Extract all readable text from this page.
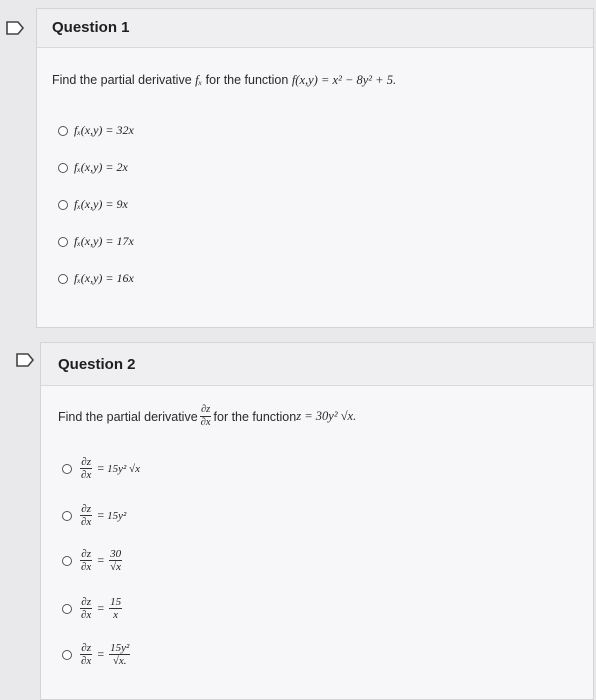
Question 1
Find the partial derivative fₓ for the function f(x,y) = x² − 8y² + 5.
fₓ(x,y) = 32x
fₓ(x,y) = 2x
fₓ(x,y) = 9x
fₓ(x,y) = 17x
fₓ(x,y) = 16x
Question 2
Find the partial derivative $\frac{\partial z}{\partial x}$ for the function z = 30y² √x.
$\frac{\partial z}{\partial x} = 15y^2$ √x
$\frac{\partial z}{\partial x} = 15y^2$
$\frac{\partial z}{\partial x} = \frac{30}{√x}$
$\frac{\partial z}{\partial x} = \frac{15}{x}$
$\frac{\partial z}{\partial x} = \frac{\text{15y²}}{√x.}$
